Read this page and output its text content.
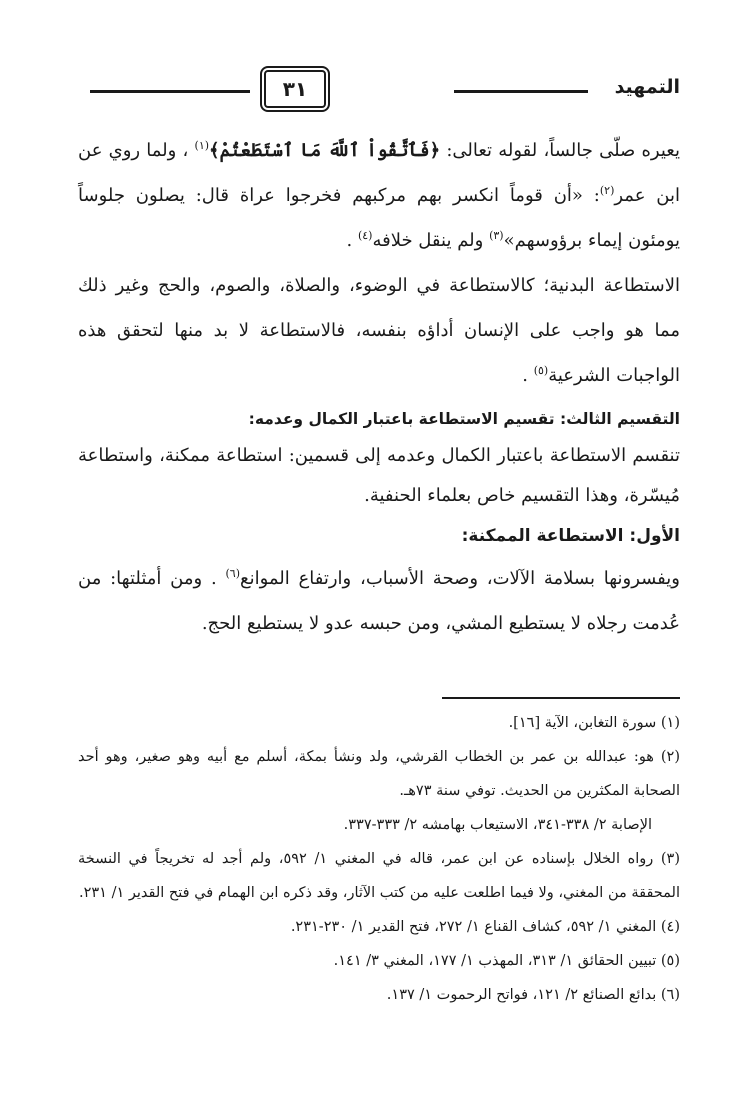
التمهيد
٣١

يعيره صلّى جالساً، لقوله تعالى: ﴿فَٱتَّقُواْ ٱللَّهَ مَا ٱسْتَطَعْتُمْ﴾$^{(١)}$ ، ولما روي عن ابن عمر$^{(٢)}$: «أن قوماً انكسر بهم مركبهم فخرجوا عراة قال: يصلون جلوساً يومئون إيماء برؤوسهم»$^{(٣)}$ ولم ينقل خلافه$^{(٤)}$ .

الاستطاعة البدنية؛ كالاستطاعة في الوضوء، والصلاة، والصوم، والحج وغير ذلك مما هو واجب على الإنسان أداؤه بنفسه، فالاستطاعة لا بد منها لتحقق هذه الواجبات الشرعية$^{(٥)}$ .

التقسيم الثالث: تقسيم الاستطاعة باعتبار الكمال وعدمه:

تنقسم الاستطاعة باعتبار الكمال وعدمه إلى قسمين: استطاعة ممكنة، واستطاعة مُيسّرة، وهذا التقسيم خاص بعلماء الحنفية.

الأول: الاستطاعة الممكنة:

ويفسرونها بسلامة الآلات، وصحة الأسباب، وارتفاع الموانع$^{(٦)}$ . ومن أمثلتها: من عُدمت رجلاه لا يستطيع المشي، ومن حبسه عدو لا يستطيع الحج.

(١) سورة التغابن، الآية [١٦].

(٢) هو: عبدالله بن عمر بن الخطاب القرشي، ولد ونشأ بمكة، أسلم مع أبيه وهو صغير، وهو أحد الصحابة المكثرين من الحديث. توفي سنة ٧٣هـ.

الإصابة ٢/ ٣٣٨-٣٤١، الاستيعاب بهامشه ٢/ ٣٣٣-٣٣٧.

(٣) رواه الخلال بإسناده عن ابن عمر، قاله في المغني ١/ ٥٩٢، ولم أجد له تخريجاً في النسخة المحققة من المغني، ولا فيما اطلعت عليه من كتب الآثار، وقد ذكره ابن الهمام في فتح القدير ١/ ٢٣١.

(٤) المغني ١/ ٥٩٢، كشاف القناع ١/ ٢٧٢، فتح القدير ١/ ٢٣٠-٢٣١.

(٥) تبيين الحقائق ١/ ٣١٣، المهذب ١/ ١٧٧، المغني ٣/ ١٤١.

(٦) بدائع الصنائع ٢/ ١٢١، فواتح الرحموت ١/ ١٣٧.
